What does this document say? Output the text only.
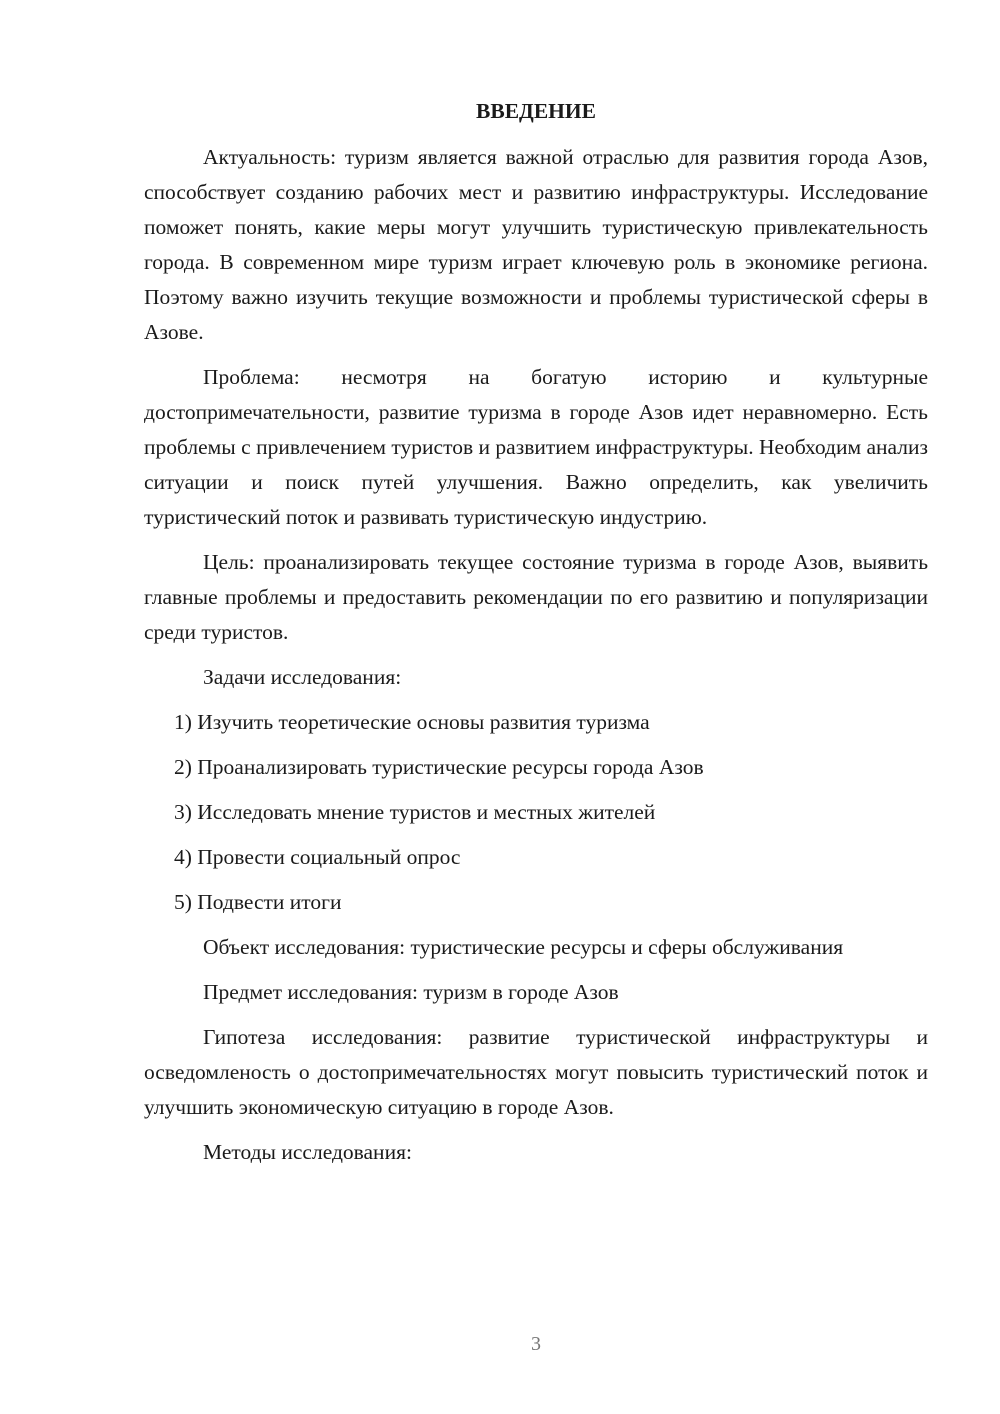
ВВЕДЕНИЕ

Актуальность: туризм является важной отраслью для развития города Азов, способствует созданию рабочих мест и развитию инфраструктуры. Исследование поможет понять, какие меры могут улучшить туристическую привлекательность города. В современном мире туризм играет ключевую роль в экономике региона. Поэтому важно изучить текущие возможности и проблемы туристической сферы в Азове.

Проблема: несмотря на богатую историю и культурные достопримечательности, развитие туризма в городе Азов идет неравномерно. Есть проблемы с привлечением туристов и развитием инфраструктуры. Необходим анализ ситуации и поиск путей улучшения. Важно определить, как увеличить туристический поток и развивать туристическую индустрию.

Цель: проанализировать текущее состояние туризма в городе Азов, выявить главные проблемы и предоставить рекомендации по его развитию и популяризации среди туристов.

Задачи исследования:

1) Изучить теоретические основы развития туризма
2) Проанализировать туристические ресурсы города Азов
3) Исследовать мнение туристов и местных жителей
4) Провести социальный опрос
5) Подвести итоги

Объект исследования: туристические ресурсы и сферы обслуживания

Предмет исследования: туризм в городе Азов

Гипотеза исследования: развитие туристической инфраструктуры и осведомленость о достопримечательностях могут повысить туристический поток и улучшить экономическую ситуацию в городе Азов.

Методы исследования:

3
